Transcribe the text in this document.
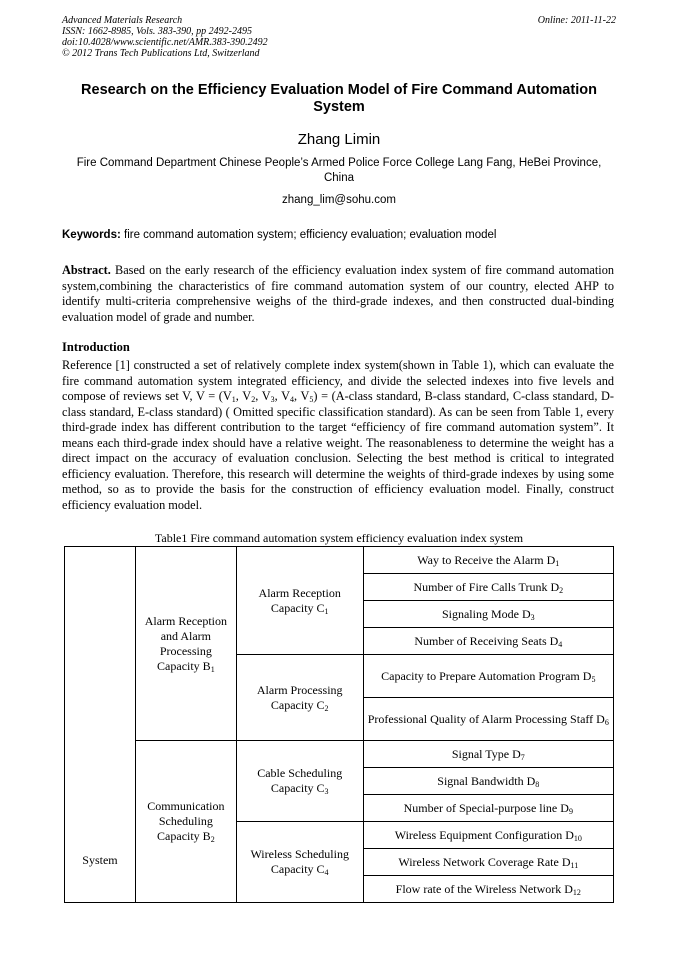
Advanced Materials Research
ISSN: 1662-8985, Vols. 383-390, pp 2492-2495
doi:10.4028/www.scientific.net/AMR.383-390.2492
© 2012 Trans Tech Publications Ltd, Switzerland
Online: 2011-11-22
Research on the Efficiency Evaluation Model of Fire Command Automation System
Zhang Limin
Fire Command Department Chinese People’s Armed Police Force College Lang Fang, HeBei Province, China
zhang_lim@sohu.com
Keywords: fire command automation system; efficiency evaluation; evaluation model
Abstract. Based on the early research of the efficiency evaluation index system of fire command automation system,combining the characteristics of fire command automation system of our country, elected AHP to identify multi-criteria comprehensive weighs of the third-grade indexes, and then constructed dual-binding evaluation model of grade and number.
Introduction
Reference [1] constructed a set of relatively complete index system(shown in Table 1), which can evaluate the fire command automation system integrated efficiency, and divide the selected indexes into five levels and compose of reviews set V, $V = (V_1$, $V_2$, $V_3$, $V_4$, $V_5$) = (A-class standard, B-class standard, C-class standard, D-class standard, E-class standard) ( Omitted specific classification standard). As can be seen from Table 1, every third-grade index has different contribution to the target “efficiency of fire command automation system”. It means each third-grade index should have a relative weight. The reasonableness to determine the weight has a direct impact on the accuracy of evaluation conclusion. Selecting the best method is critical to integrated efficiency evaluation. Therefore, this research will determine the weights of third-grade indexes by using some method, so as to provide the basis for the construction of efficiency evaluation model. Finally, construct efficiency evaluation model.
Table1 Fire command automation system efficiency evaluation index system
System	Alarm Reception and Alarm Processing Capacity $B_1$	Alarm Reception Capacity $C_1$	Way to Receive the Alarm $D_1$
			Number of Fire Calls Trunk $D_2$
			Signaling Mode $D_3$
			Number of Receiving Seats $D_4$
		Alarm Processing Capacity $C_2$	Capacity to Prepare Automation Program $D_5$
			Professional Quality of Alarm Processing Staff $D_6$
	Communication Scheduling Capacity $B_2$	Cable Scheduling Capacity $C_3$	Signal Type $D_7$
			Signal Bandwidth $D_8$
			Number of Special-purpose line $D_9$
		Wireless Scheduling Capacity $C_4$	Wireless Equipment Configuration $D_{10}$
			Wireless Network Coverage Rate $D_{11}$
			Flow rate of the Wireless Network $D_{12}$
